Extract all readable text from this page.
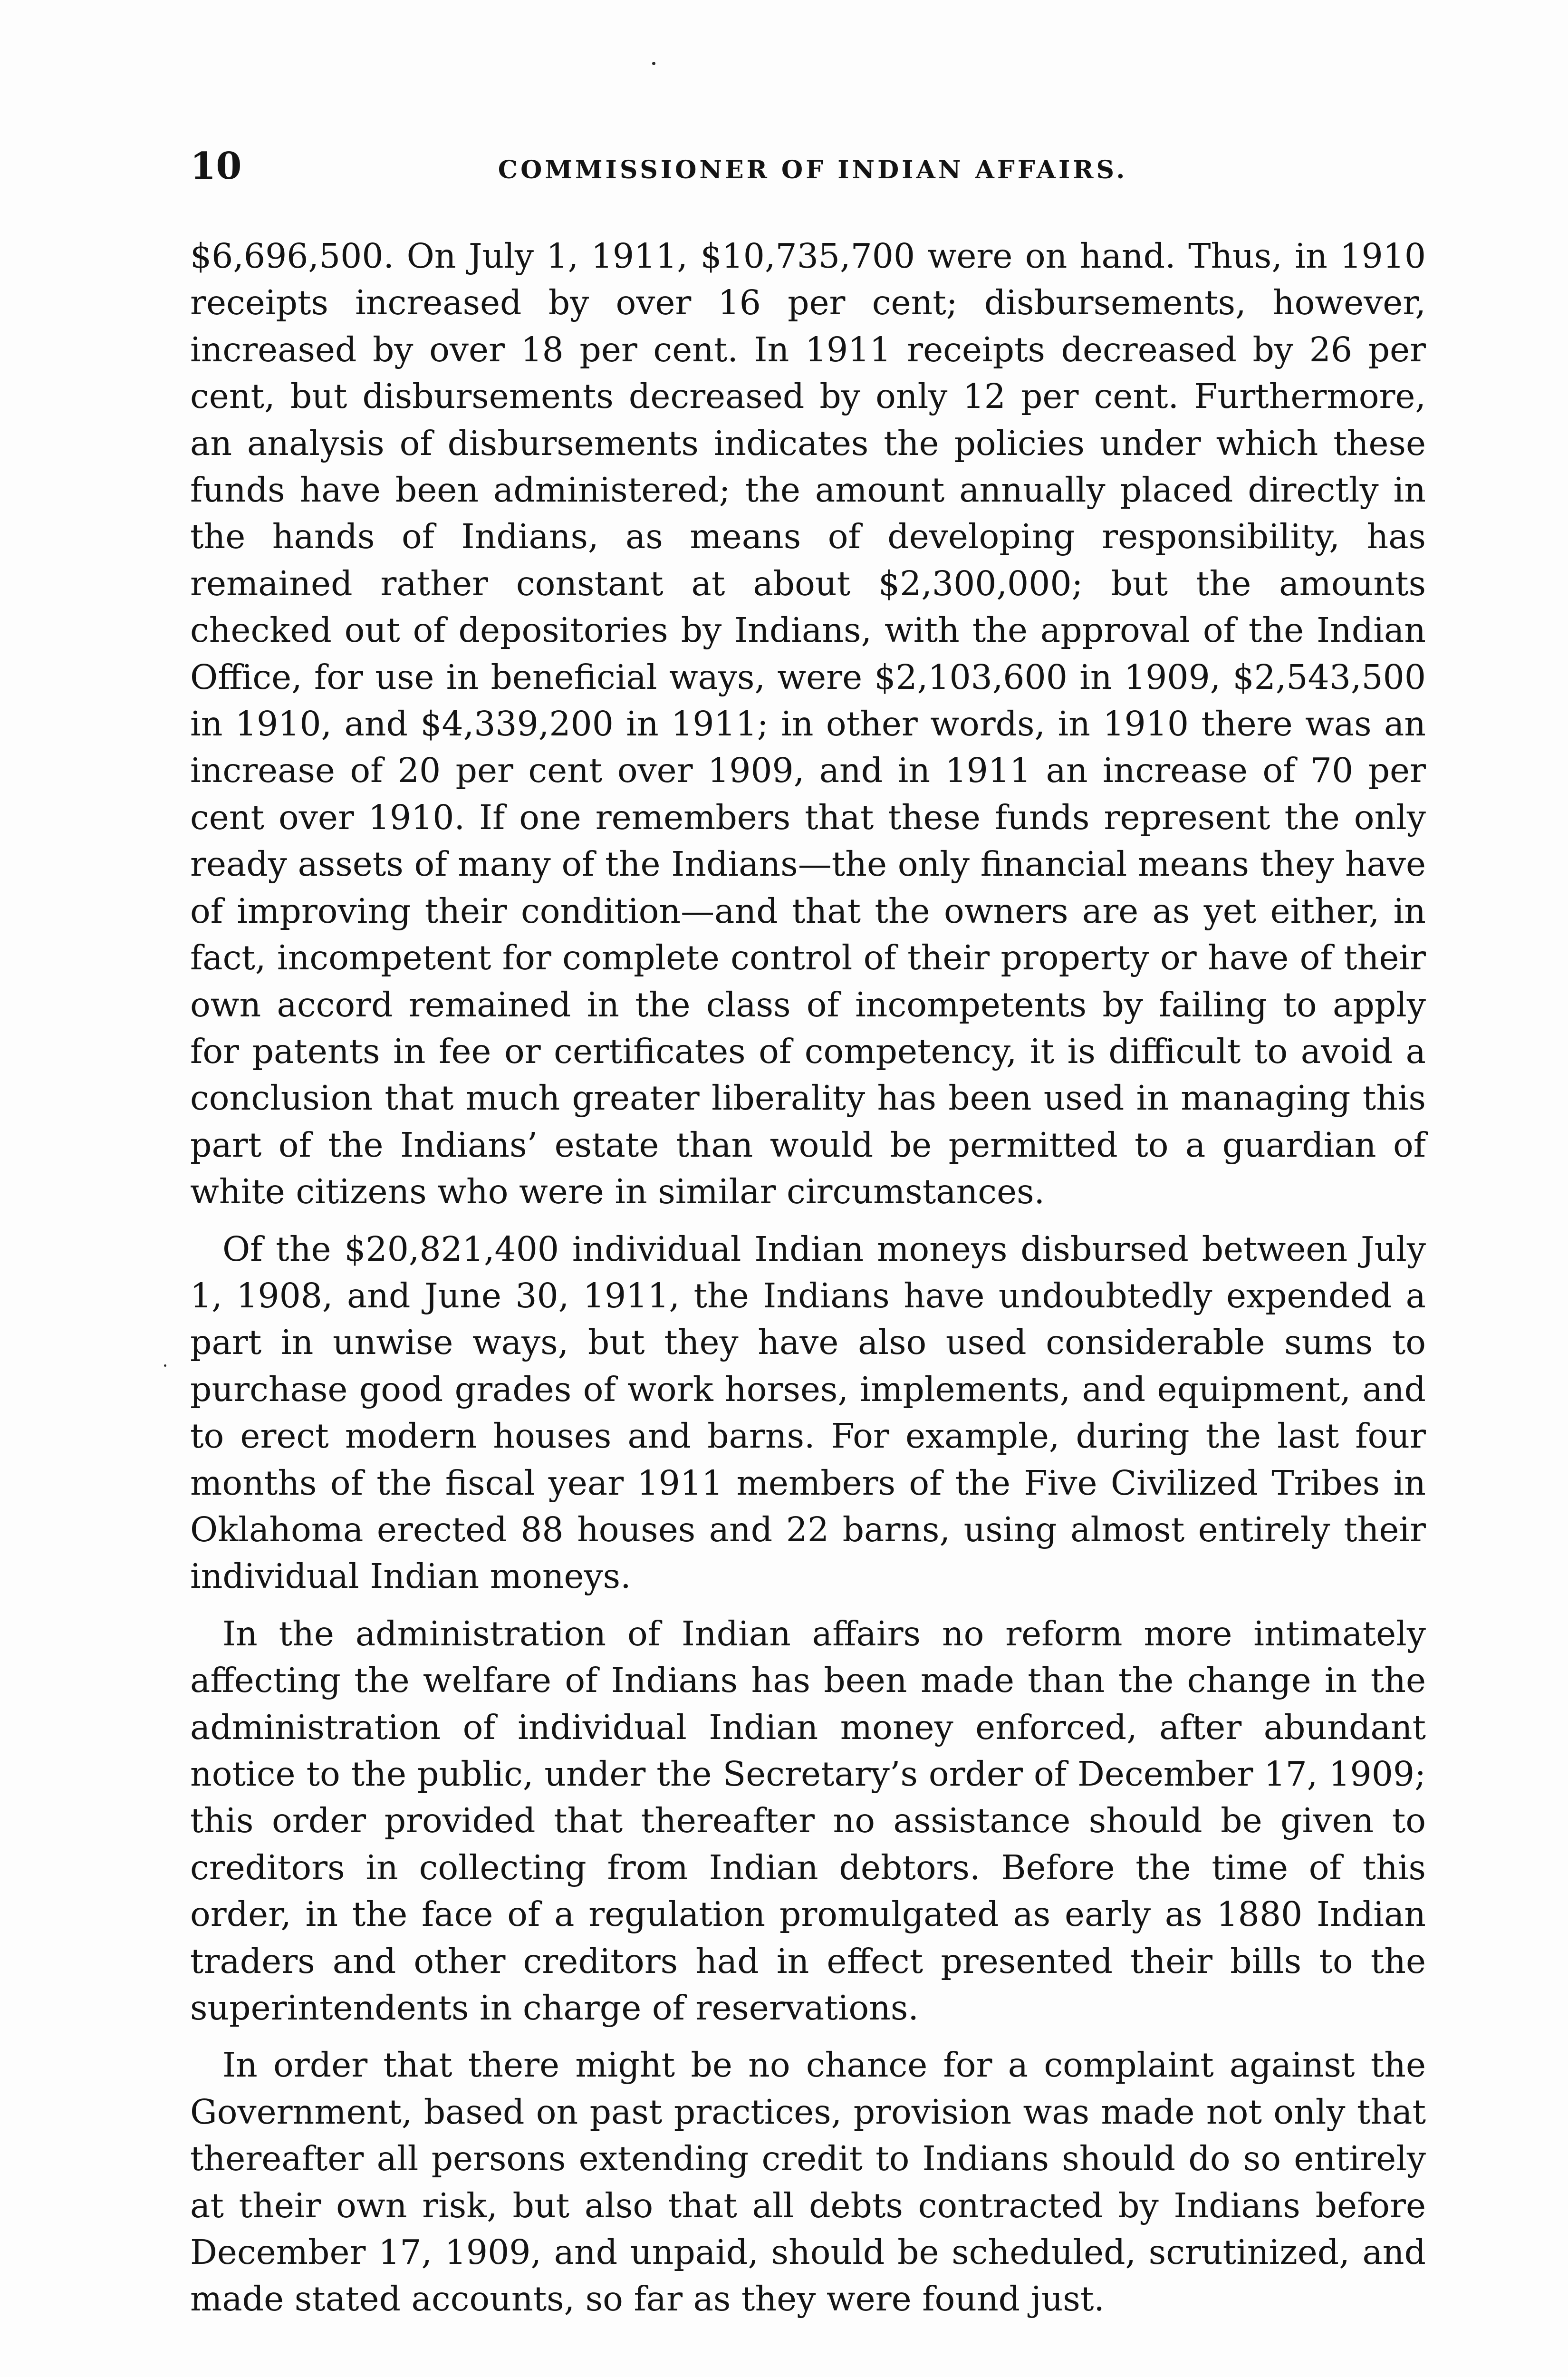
10	COMMISSIONER OF INDIAN AFFAIRS.

$6,696,500. On July 1, 1911, $10,735,700 were on hand. Thus, in 1910 receipts increased by over 16 per cent; disbursements, however, increased by over 18 per cent. In 1911 receipts decreased by 26 per cent, but disbursements decreased by only 12 per cent. Furthermore, an analysis of disbursements indicates the policies under which these funds have been administered; the amount annually placed directly in the hands of Indians, as means of developing responsibility, has remained rather constant at about $2,300,000; but the amounts checked out of depositories by Indians, with the approval of the Indian Office, for use in beneficial ways, were $2,103,600 in 1909, $2,543,500 in 1910, and $4,339,200 in 1911; in other words, in 1910 there was an increase of 20 per cent over 1909, and in 1911 an increase of 70 per cent over 1910. If one remembers that these funds represent the only ready assets of many of the Indians—the only financial means they have of improving their condition—and that the owners are as yet either, in fact, incompetent for complete control of their property or have of their own accord remained in the class of incompetents by failing to apply for patents in fee or certificates of competency, it is difficult to avoid a conclusion that much greater liberality has been used in managing this part of the Indians’ estate than would be permitted to a guardian of white citizens who were in similar circumstances.

Of the $20,821,400 individual Indian moneys disbursed between July 1, 1908, and June 30, 1911, the Indians have undoubtedly expended a part in unwise ways, but they have also used considerable sums to purchase good grades of work horses, implements, and equipment, and to erect modern houses and barns. For example, during the last four months of the fiscal year 1911 members of the Five Civilized Tribes in Oklahoma erected 88 houses and 22 barns, using almost entirely their individual Indian moneys.

In the administration of Indian affairs no reform more intimately affecting the welfare of Indians has been made than the change in the administration of individual Indian money enforced, after abundant notice to the public, under the Secretary’s order of December 17, 1909; this order provided that thereafter no assistance should be given to creditors in collecting from Indian debtors. Before the time of this order, in the face of a regulation promulgated as early as 1880 Indian traders and other creditors had in effect presented their bills to the superintendents in charge of reservations.

In order that there might be no chance for a complaint against the Government, based on past practices, provision was made not only that thereafter all persons extending credit to Indians should do so entirely at their own risk, but also that all debts contracted by Indians before December 17, 1909, and unpaid, should be scheduled, scrutinized, and made stated accounts, so far as they were found just.
